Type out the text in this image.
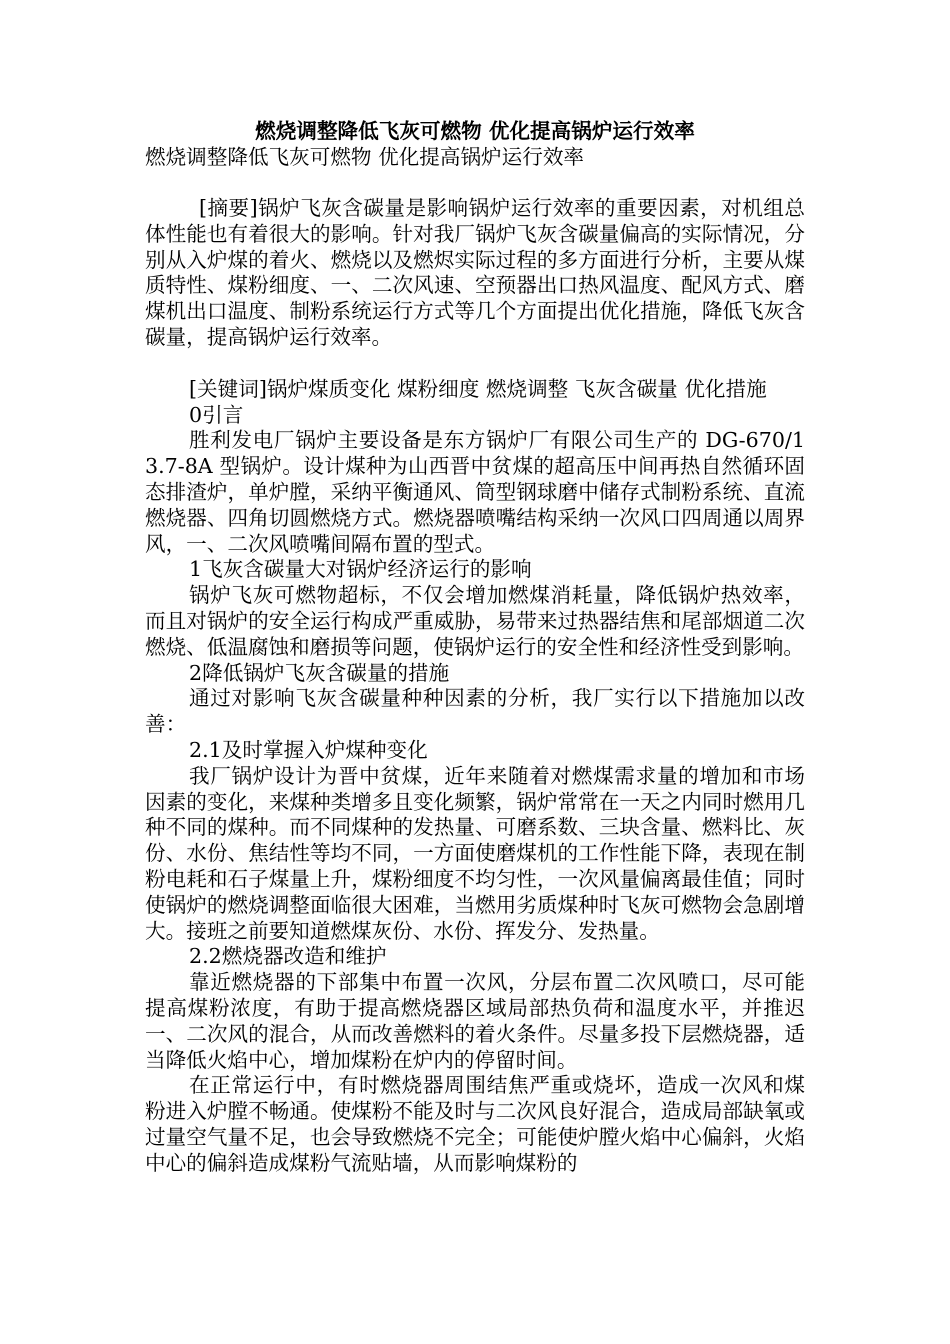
燃烧调整降低飞灰可燃物 优化提高锅炉运行效率

燃烧调整降低飞灰可燃物 优化提高锅炉运行效率

[摘要]锅炉飞灰含碳量是影响锅炉运行效率的重要因素，对机组总体性能也有着很大的影响。针对我厂锅炉飞灰含碳量偏高的实际情况，分别从入炉煤的着火、燃烧以及燃烬实际过程的多方面进行分析，主要从煤质特性、煤粉细度、一、二次风速、空预器出口热风温度、配风方式、磨煤机出口温度、制粉系统运行方式等几个方面提出优化措施，降低飞灰含碳量，提高锅炉运行效率。

[关键词]锅炉煤质变化 煤粉细度 燃烧调整 飞灰含碳量 优化措施

0引言

胜利发电厂锅炉主要设备是东方锅炉厂有限公司生产的 DG-670/13.7-8A 型锅炉。设计煤种为山西晋中贫煤的超高压中间再热自然循环固态排渣炉，单炉膛，采纳平衡通风、筒型钢球磨中储存式制粉系统、直流燃烧器、四角切圆燃烧方式。燃烧器喷嘴结构采纳一次风口四周通以周界风，一、二次风喷嘴间隔布置的型式。

1飞灰含碳量大对锅炉经济运行的影响

锅炉飞灰可燃物超标，不仅会增加燃煤消耗量，降低锅炉热效率，而且对锅炉的安全运行构成严重威胁，易带来过热器结焦和尾部烟道二次燃烧、低温腐蚀和磨损等问题，使锅炉运行的安全性和经济性受到影响。

2降低锅炉飞灰含碳量的措施

通过对影响飞灰含碳量种种因素的分析，我厂实行以下措施加以改善：

2.1及时掌握入炉煤种变化

我厂锅炉设计为晋中贫煤，近年来随着对燃煤需求量的增加和市场因素的变化，来煤种类增多且变化频繁，锅炉常常在一天之内同时燃用几种不同的煤种。而不同煤种的发热量、可磨系数、三块含量、燃料比、灰份、水份、焦结性等均不同，一方面使磨煤机的工作性能下降，表现在制粉电耗和石子煤量上升，煤粉细度不均匀性，一次风量偏离最佳值；同时使锅炉的燃烧调整面临很大困难，当燃用劣质煤种时飞灰可燃物会急剧增大。接班之前要知道燃煤灰份、水份、挥发分、发热量。

2.2燃烧器改造和维护

靠近燃烧器的下部集中布置一次风，分层布置二次风喷口，尽可能提高煤粉浓度，有助于提高燃烧器区域局部热负荷和温度水平，并推迟一、二次风的混合，从而改善燃料的着火条件。尽量多投下层燃烧器，适当降低火焰中心，增加煤粉在炉内的停留时间。

在正常运行中，有时燃烧器周围结焦严重或烧坏，造成一次风和煤粉进入炉膛不畅通。使煤粉不能及时与二次风良好混合，造成局部缺氧或过量空气量不足，也会导致燃烧不完全；可能使炉膛火焰中心偏斜，火焰中心的偏斜造成煤粉气流贴墙，从而影响煤粉的
